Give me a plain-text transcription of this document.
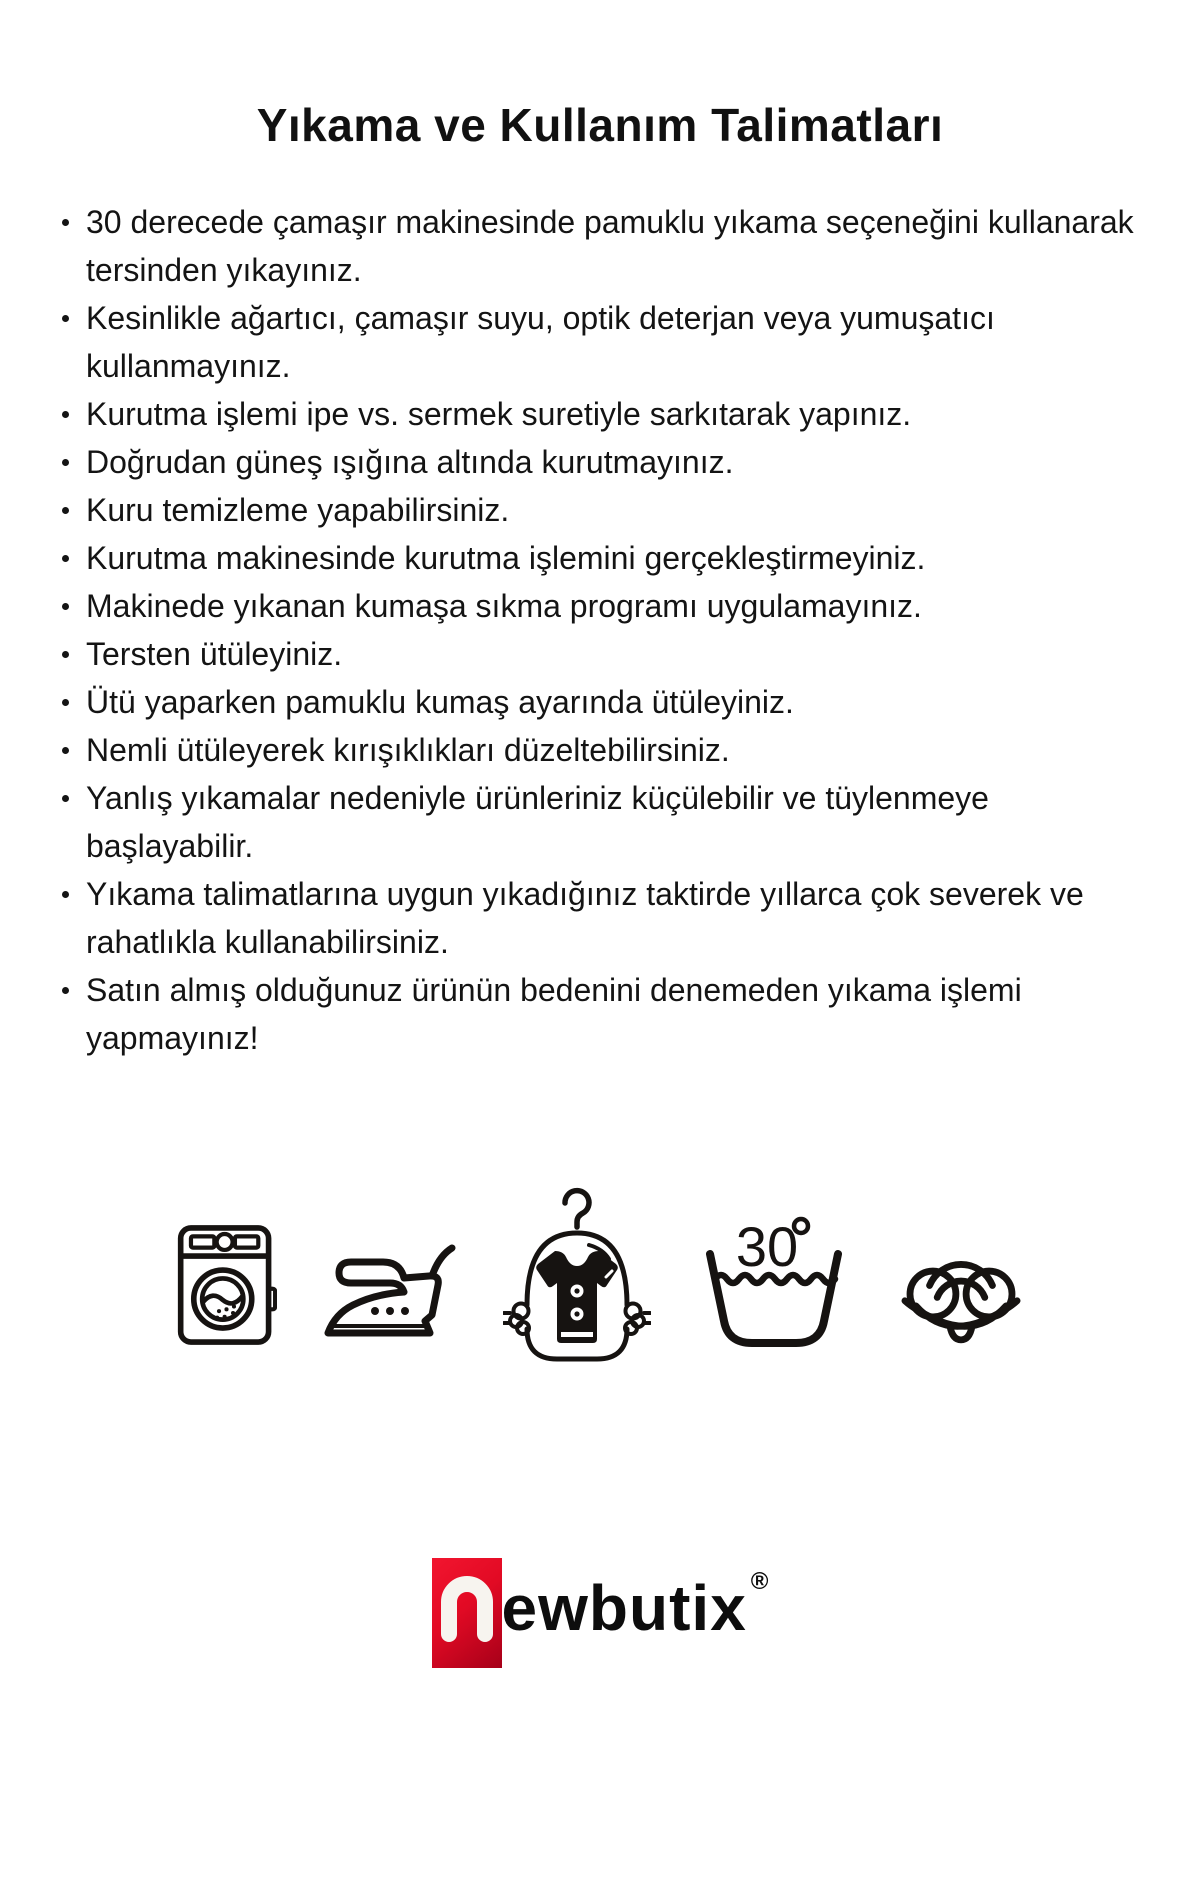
Yıkama ve Kullanım Talimatları
30 derecede çamaşır makinesinde pamuklu yıkama seçeneğini kullanarak tersinden yıkayınız.
Kesinlikle ağartıcı, çamaşır suyu, optik deterjan veya yumuşatıcı kullanmayınız.
Kurutma işlemi ipe vs. sermek suretiyle sarkıtarak yapınız.
Doğrudan güneş ışığına altında kurutmayınız.
Kuru temizleme yapabilirsiniz.
Kurutma makinesinde kurutma işlemini gerçekleştirmeyiniz.
Makinede yıkanan kumaşa sıkma programı uygulamayınız.
Tersten ütüleyiniz.
Ütü yaparken pamuklu kumaş ayarında ütüleyiniz.
Nemli ütüleyerek kırışıklıkları düzeltebilirsiniz.
Yanlış yıkamalar nedeniyle ürünleriniz küçülebilir ve tüylenmeye başlayabilir.
Yıkama talimatlarına uygun yıkadığınız taktirde yıllarca çok severek ve rahatlıkla kullanabilirsiniz.
Satın almış olduğunuz ürünün bedenini denemeden yıkama işlemi yapmayınız!
30
ewbutix ®
